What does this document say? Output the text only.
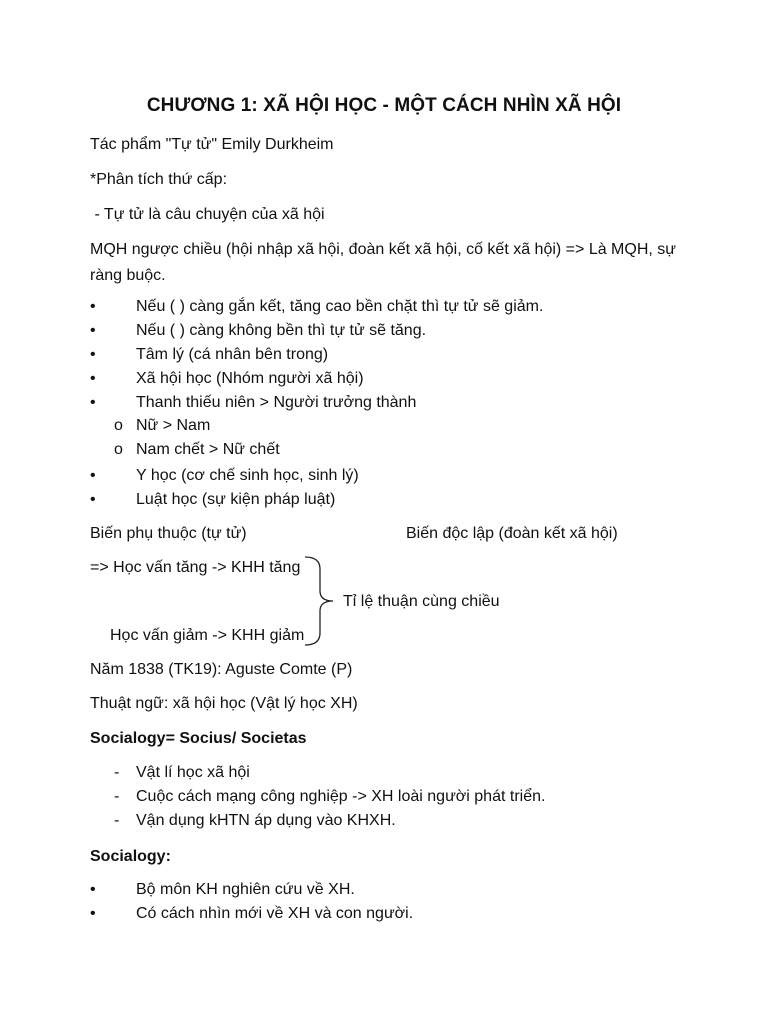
CHƯƠNG 1: XÃ HỘI HỌC - MỘT CÁCH NHÌN XÃ HỘI
Tác phẩm "Tự tử" Emily Durkheim
*Phân tích thứ cấp:
- Tự tử là câu chuyện của xã hội
MQH ngược chiều (hội nhập xã hội, đoàn kết xã hội, cố kết xã hội) => Là MQH, sự ràng buộc.
•Nếu ( ) càng gắn kết, tăng cao bền chặt thì tự tử sẽ giảm.
•Nếu ( ) càng không bền thì tự tử sẽ tăng.
•Tâm lý (cá nhân bên trong)
•Xã hội học (Nhóm người xã hội)
•Thanh thiếu niên > Người trưởng thành
o Nữ > Nam
o Nam chết > Nữ chết
•Y học (cơ chế sinh học, sinh lý)
•Luật học (sự kiện pháp luật)
Biến phụ thuộc (tự tử)	Biến độc lập (đoàn kết xã hội)
=> Học vấn tăng -> KHH tăng
Học vấn giảm -> KHH giảm
Tỉ lệ thuận cùng chiều
Năm 1838 (TK19): Aguste Comte (P)
Thuật ngữ: xã hội học (Vật lý học XH)
Socialogy= Socius/ Societas
- Vật lí học xã hội
- Cuộc cách mạng công nghiệp -> XH loài người phát triển.
- Vận dụng kHTN áp dụng vào KHXH.
Socialogy:
•Bộ môn KH nghiên cứu về XH.
•Có cách nhìn mới về XH và con người.
